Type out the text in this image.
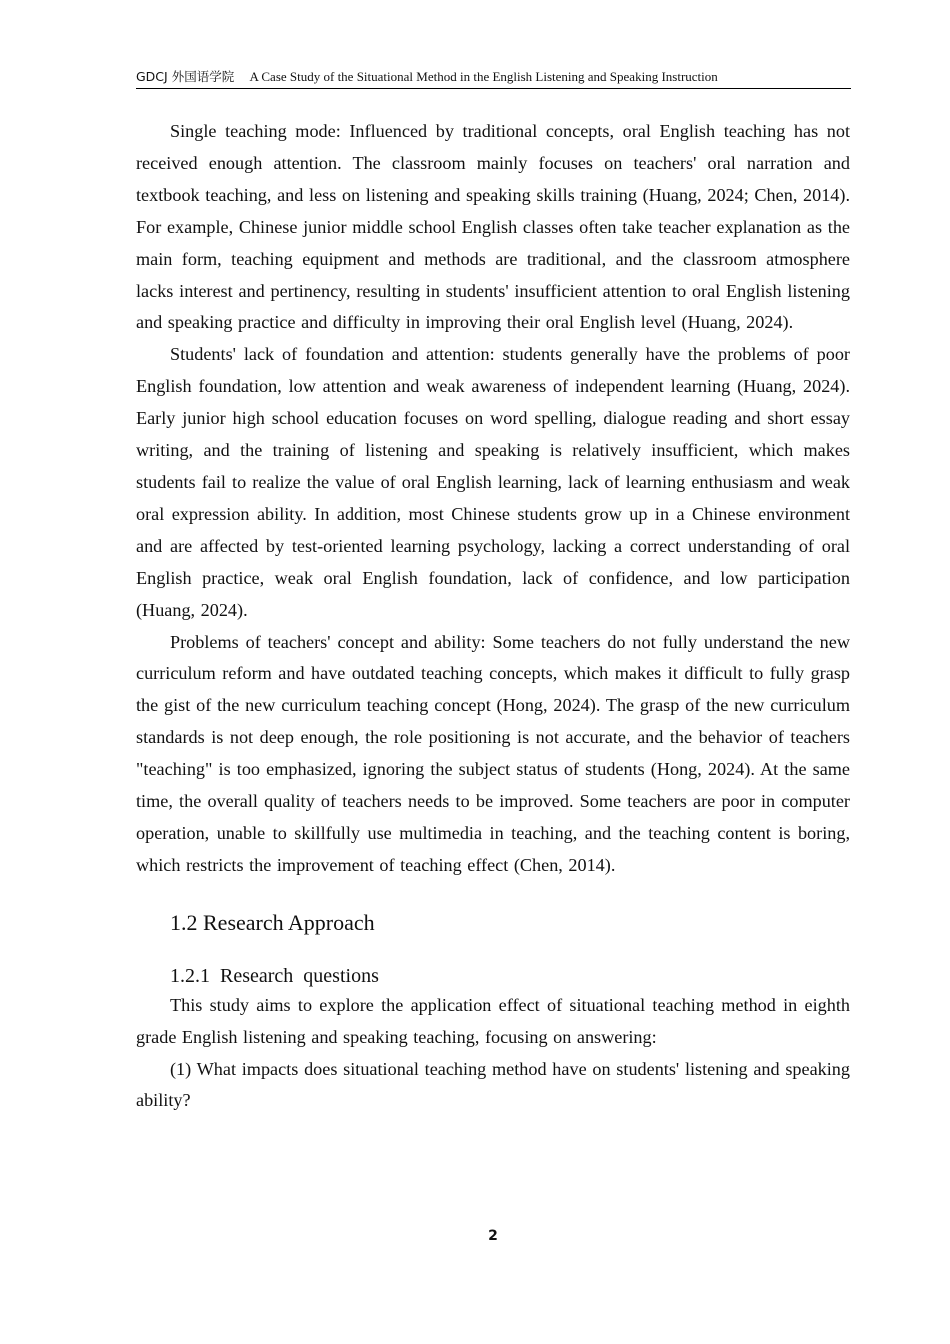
GDCJ 外国语学院 A Case Study of the Situational Method in the English Listening and Speaking Instruction

Single teaching mode: Influenced by traditional concepts, oral English teaching has not received enough attention. The classroom mainly focuses on teachers' oral narration and textbook teaching, and less on listening and speaking skills training (Huang, 2024; Chen, 2014). For example, Chinese junior middle school English classes often take teacher explanation as the main form, teaching equipment and methods are traditional, and the classroom atmosphere lacks interest and pertinency, resulting in students' insufficient attention to oral English listening and speaking practice and difficulty in improving their oral English level (Huang, 2024).

Students' lack of foundation and attention: students generally have the problems of poor English foundation, low attention and weak awareness of independent learning (Huang, 2024). Early junior high school education focuses on word spelling, dialogue reading and short essay writing, and the training of listening and speaking is relatively insufficient, which makes students fail to realize the value of oral English learning, lack of learning enthusiasm and weak oral expression ability. In addition, most Chinese students grow up in a Chinese environment and are affected by test-oriented learning psychology, lacking a correct understanding of oral English practice, weak oral English foundation, lack of confidence, and low participation (Huang, 2024).

Problems of teachers' concept and ability: Some teachers do not fully understand the new curriculum reform and have outdated teaching concepts, which makes it difficult to fully grasp the gist of the new curriculum teaching concept (Hong, 2024). The grasp of the new curriculum standards is not deep enough, the role positioning is not accurate, and the behavior of teachers "teaching" is too emphasized, ignoring the subject status of students (Hong, 2024). At the same time, the overall quality of teachers needs to be improved. Some teachers are poor in computer operation, unable to skillfully use multimedia in teaching, and the teaching content is boring, which restricts the improvement of teaching effect (Chen, 2014).

1.2 Research Approach
1.2.1  Research  questions

This study aims to explore the application effect of situational teaching method in eighth grade English listening and speaking teaching, focusing on answering:

(1) What impacts does situational teaching method have on students' listening and speaking ability?

2
